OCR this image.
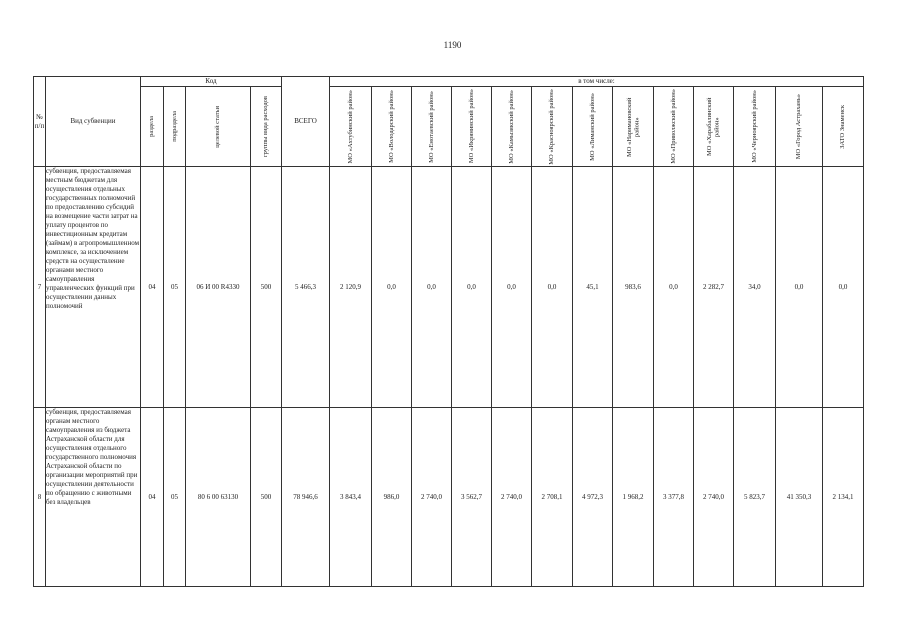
1190
№ п/п	Вид субвенции	Код				ВСЕГО	в том числе:												

		раздела	подраздела	целевой статьи	группы вида расходов		МО «Ахтубинский район»	МО «Володарский район»	МО «Енотаевский район»	МО «Икрянинский район»	МО «Камызякский район»	МО «Красноярский район»	МО «Лиманский район»	МО «Наримановский район»	МО «Приволжский район»	МО «Харабалинский район»	МО «Черноярский район»	МО «Город Астрахань»	ЗАТО Знаменск

7	субвенция, предоставляемая местным бюджетам для осуществления отдельных государственных полномочий по предоставлению субсидий на возмещение части затрат на уплату процентов по инвестиционным кредитам (займам) в агропромышленном комплексе, за исключением средств на осуществление органами местного самоуправления управленческих функций при осуществлении данных полномочий	04	05	06 И 00 R4330	500	5 466,3	2 120,9	0,0	0,0	0,0	0,0	0,0	45,1	983,6	0,0	2 282,7	34,0	0,0	0,0
8	субвенция, предоставляемая органам местного самоуправления из бюджета Астраханской области для осуществления отдельного государственного полномочия Астраханской области по организации мероприятий при осуществлении деятельности по обращению с животными без владельцев	04	05	80 6 00 63130	500	78 946,6	3 843,4	986,0	2 740,0	3 562,7	2 740,0	2 708,1	4 972,3	1 968,2	3 377,8	2 740,0	5 823,7	41 350,3	2 134,1
